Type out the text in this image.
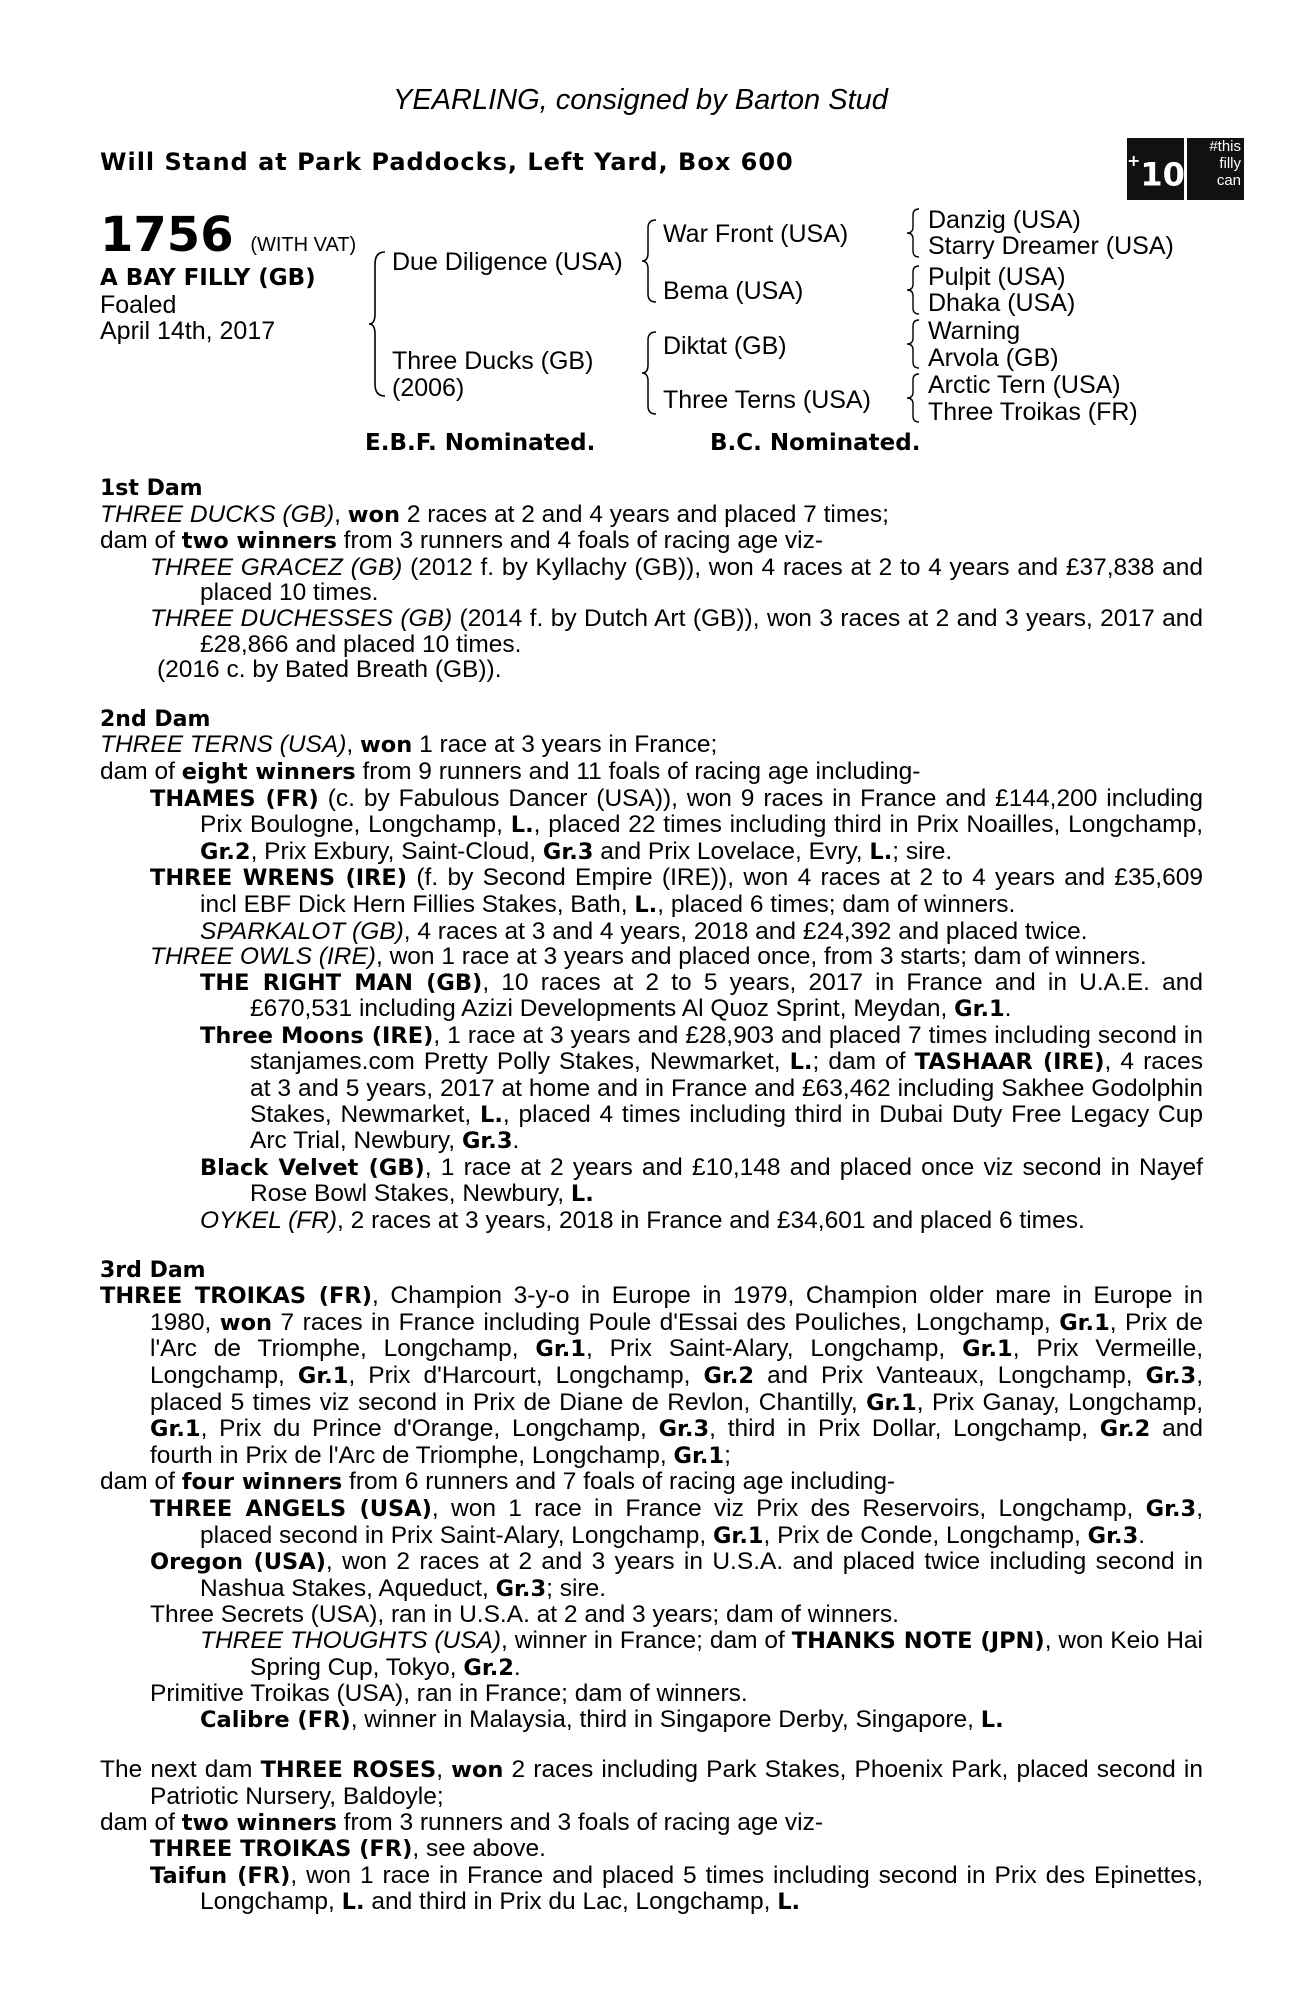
YEARLING, consigned by Barton Stud
Will Stand at Park Paddocks, Left Yard, Box 600	+10
#this
filly
can
1756 (WITH VAT)
A BAY FILLY (GB)
Foaled
April 14th, 2017
Due Diligence (USA)
Three Ducks (GB)
(2006)
War Front (USA)
Bema (USA)
Diktat (GB)
Three Terns (USA)
Danzig (USA)
Starry Dreamer (USA)
Pulpit (USA)
Dhaka (USA)
Warning
Arvola (GB)
Arctic Tern (USA)
Three Troikas (FR)
E.B.F. Nominated.	B.C. Nominated.

1st Dam

THREE DUCKS (GB), won 2 races at 2 and 4 years and placed 7 times;

dam of two winners from 3 runners and 4 foals of racing age viz-

THREE GRACEZ (GB) (2012 f. by Kyllachy (GB)), won 4 races at 2 to 4 years and £37,838 and placed 10 times.

THREE DUCHESSES (GB) (2014 f. by Dutch Art (GB)), won 3 races at 2 and 3 years, 2017 and £28,866 and placed 10 times.

(2016 c. by Bated Breath (GB)).

2nd Dam

THREE TERNS (USA), won 1 race at 3 years in France;

dam of eight winners from 9 runners and 11 foals of racing age including-

THAMES (FR) (c. by Fabulous Dancer (USA)), won 9 races in France and £144,200 including Prix Boulogne, Longchamp, L., placed 22 times including third in Prix Noailles, Longchamp, Gr.2, Prix Exbury, Saint-Cloud, Gr.3 and Prix Lovelace, Evry, L.; sire.

THREE WRENS (IRE) (f. by Second Empire (IRE)), won 4 races at 2 to 4 years and £35,609 incl EBF Dick Hern Fillies Stakes, Bath, L., placed 6 times; dam of winners.

SPARKALOT (GB), 4 races at 3 and 4 years, 2018 and £24,392 and placed twice.

THREE OWLS (IRE), won 1 race at 3 years and placed once, from 3 starts; dam of winners.

THE RIGHT MAN (GB), 10 races at 2 to 5 years, 2017 in France and in U.A.E. and £670,531 including Azizi Developments Al Quoz Sprint, Meydan, Gr.1.

Three Moons (IRE), 1 race at 3 years and £28,903 and placed 7 times including second in stanjames.com Pretty Polly Stakes, Newmarket, L.; dam of TASHAAR (IRE), 4 races at 3 and 5 years, 2017 at home and in France and £63,462 including Sakhee Godolphin Stakes, Newmarket, L., placed 4 times including third in Dubai Duty Free Legacy Cup Arc Trial, Newbury, Gr.3.

Black Velvet (GB), 1 race at 2 years and £10,148 and placed once viz second in Nayef Rose Bowl Stakes, Newbury, L.

OYKEL (FR), 2 races at 3 years, 2018 in France and £34,601 and placed 6 times.

3rd Dam

THREE TROIKAS (FR), Champion 3-y-o in Europe in 1979, Champion older mare in Europe in 1980, won 7 races in France including Poule d'Essai des Pouliches, Longchamp, Gr.1, Prix de l'Arc de Triomphe, Longchamp, Gr.1, Prix Saint-Alary, Longchamp, Gr.1, Prix Vermeille, Longchamp, Gr.1, Prix d'Harcourt, Longchamp, Gr.2 and Prix Vanteaux, Longchamp, Gr.3, placed 5 times viz second in Prix de Diane de Revlon, Chantilly, Gr.1, Prix Ganay, Longchamp, Gr.1, Prix du Prince d'Orange, Longchamp, Gr.3, third in Prix Dollar, Longchamp, Gr.2 and fourth in Prix de l'Arc de Triomphe, Longchamp, Gr.1;

dam of four winners from 6 runners and 7 foals of racing age including-

THREE ANGELS (USA), won 1 race in France viz Prix des Reservoirs, Longchamp, Gr.3, placed second in Prix Saint-Alary, Longchamp, Gr.1, Prix de Conde, Longchamp, Gr.3.

Oregon (USA), won 2 races at 2 and 3 years in U.S.A. and placed twice including second in Nashua Stakes, Aqueduct, Gr.3; sire.

Three Secrets (USA), ran in U.S.A. at 2 and 3 years; dam of winners.

THREE THOUGHTS (USA), winner in France; dam of THANKS NOTE (JPN), won Keio Hai Spring Cup, Tokyo, Gr.2.

Primitive Troikas (USA), ran in France; dam of winners.

Calibre (FR), winner in Malaysia, third in Singapore Derby, Singapore, L.

The next dam THREE ROSES, won 2 races including Park Stakes, Phoenix Park, placed second in Patriotic Nursery, Baldoyle;

dam of two winners from 3 runners and 3 foals of racing age viz-

THREE TROIKAS (FR), see above.

Taifun (FR), won 1 race in France and placed 5 times including second in Prix des Epinettes, Longchamp, L. and third in Prix du Lac, Longchamp, L.
